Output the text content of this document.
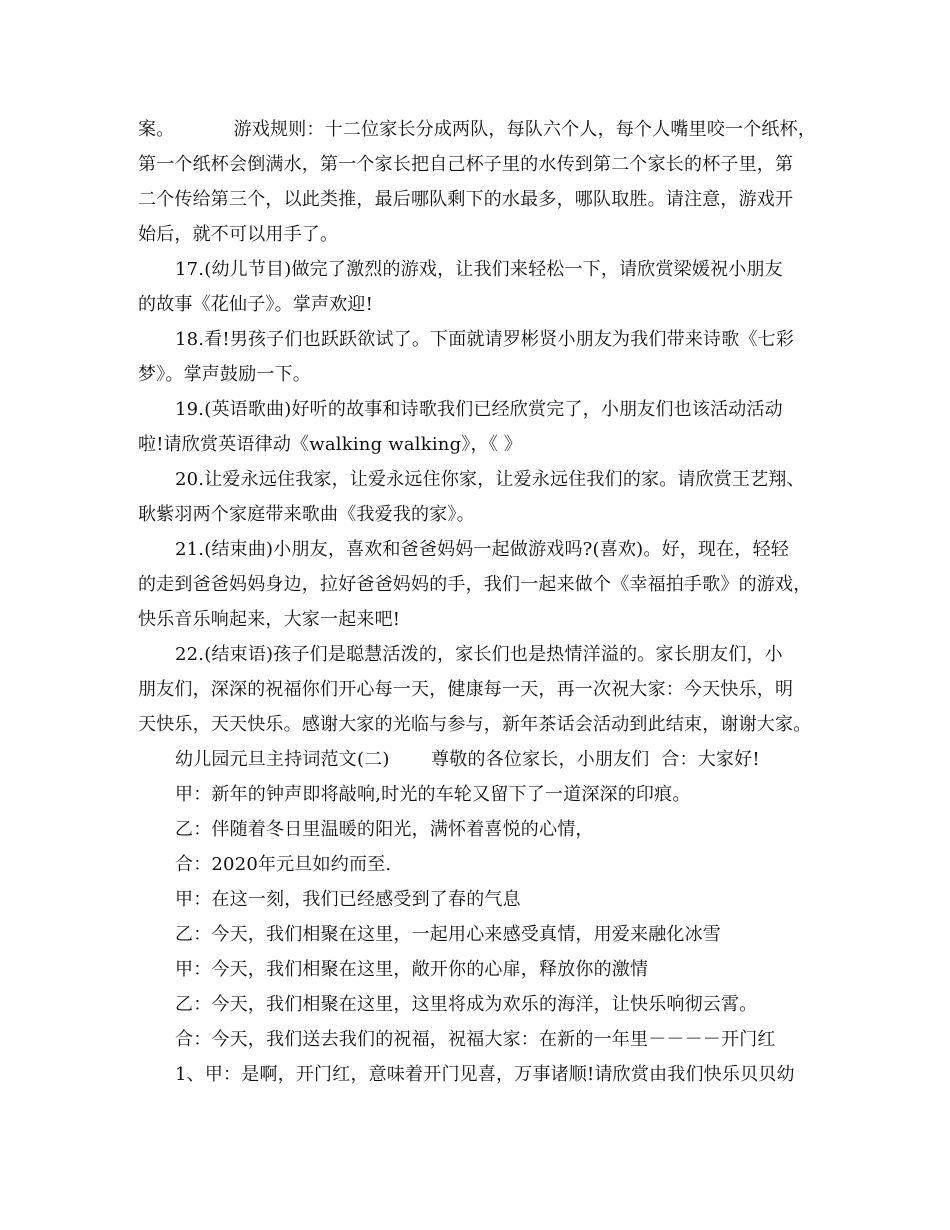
案。          游戏规则：十二位家长分成两队，每队六个人，每个人嘴里咬一个纸杯，
第一个纸杯会倒满水，第一个家长把自己杯子里的水传到第二个家长的杯子里，第
二个传给第三个，以此类推，最后哪队剩下的水最多，哪队取胜。请注意，游戏开
始后，就不可以用手了。
17.(幼儿节目)做完了激烈的游戏，让我们来轻松一下，请欣赏梁媛祝小朋友
的故事《花仙子》。掌声欢迎!
18.看!男孩子们也跃跃欲试了。下面就请罗彬贤小朋友为我们带来诗歌《七彩
梦》。掌声鼓励一下。
19.(英语歌曲)好听的故事和诗歌我们已经欣赏完了，小朋友们也该活动活动
啦!请欣赏英语律动《walking walking》，《 》
20.让爱永远住我家，让爱永远住你家，让爱永远住我们的家。请欣赏王艺翔、
耿紫羽两个家庭带来歌曲《我爱我的家》。
21.(结束曲)小朋友，喜欢和爸爸妈妈一起做游戏吗?(喜欢)。好，现在，轻轻
的走到爸爸妈妈身边，拉好爸爸妈妈的手，我们一起来做个《幸福拍手歌》的游戏，
快乐音乐响起来，大家一起来吧!
22.(结束语)孩子们是聪慧活泼的，家长们也是热情洋溢的。家长朋友们，小
朋友们，深深的祝福你们开心每一天，健康每一天，再一次祝大家：今天快乐，明
天快乐，天天快乐。感谢大家的光临与参与，新年茶话会活动到此结束，谢谢大家。
幼儿园元旦主持词范文(二)       尊敬的各位家长，小朋友们  合：大家好!
甲：新年的钟声即将敲响,时光的车轮又留下了一道深深的印痕。
乙：伴随着冬日里温暖的阳光，满怀着喜悦的心情，
合：2020年元旦如约而至.
甲：在这一刻，我们已经感受到了春的气息
乙：今天，我们相聚在这里，一起用心来感受真情，用爱来融化冰雪
甲：今天，我们相聚在这里，敞开你的心扉，释放你的激情
乙：今天，我们相聚在这里，这里将成为欢乐的海洋，让快乐响彻云霄。
合：今天，我们送去我们的祝福，祝福大家：在新的一年里－－－－开门红
1、甲：是啊，开门红，意味着开门见喜，万事诸顺!请欣赏由我们快乐贝贝幼
